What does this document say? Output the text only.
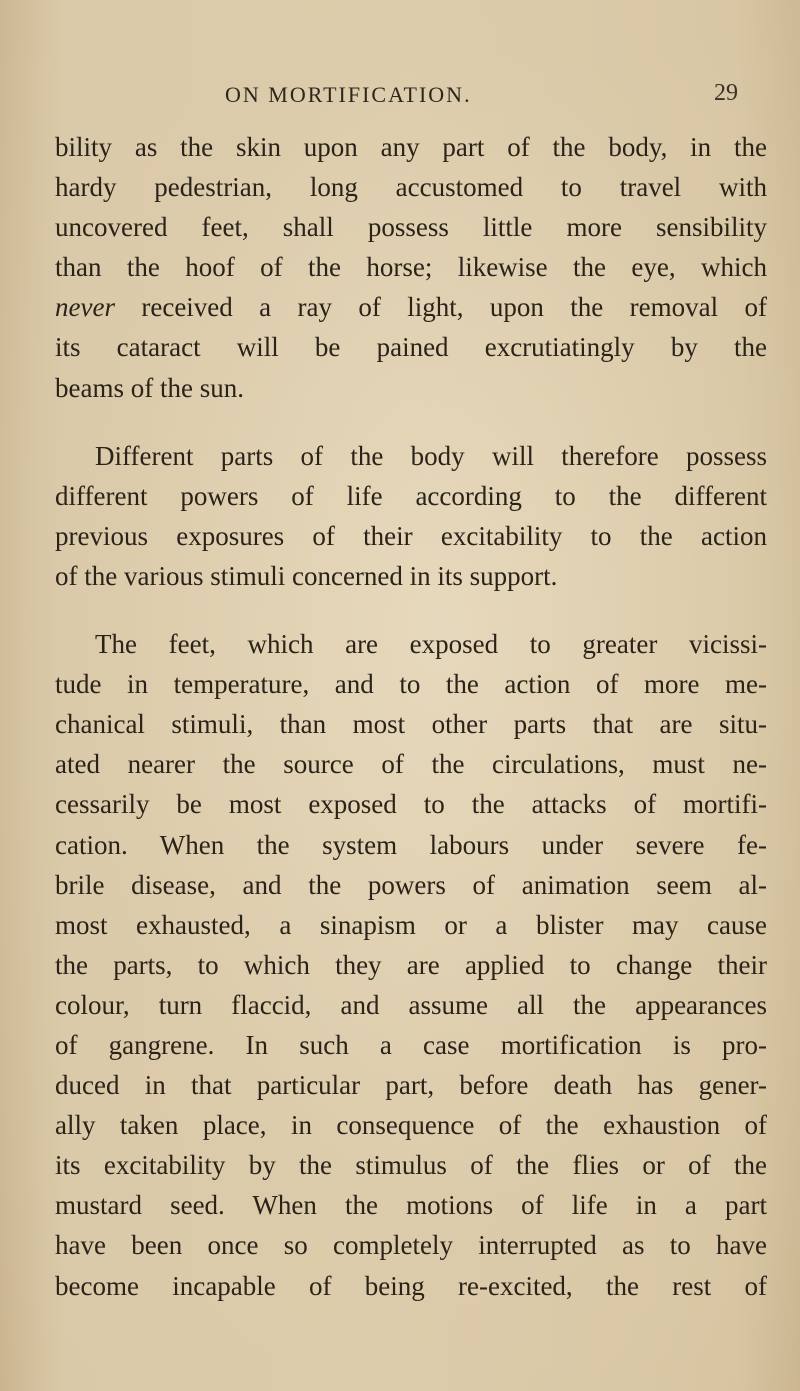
ON MORTIFICATION.	29
bility as the skin upon any part of the body, in the
hardy pedestrian, long accustomed to travel with
uncovered feet, shall possess little more sensibility
than the hoof of the horse; likewise the eye, which
never received a ray of light, upon the removal of
its cataract will be pained excrutiatingly by the
beams of the sun.
Different parts of the body will therefore possess
different powers of life according to the different
previous exposures of their excitability to the action
of the various stimuli concerned in its support.
The feet, which are exposed to greater vicissi-
tude in temperature, and to the action of more me-
chanical stimuli, than most other parts that are situ-
ated nearer the source of the circulations, must ne-
cessarily be most exposed to the attacks of mortifi-
cation. When the system labours under severe fe-
brile disease, and the powers of animation seem al-
most exhausted, a sinapism or a blister may cause
the parts, to which they are applied to change their
colour, turn flaccid, and assume all the appearances
of gangrene. In such a case mortification is pro-
duced in that particular part, before death has gener-
ally taken place, in consequence of the exhaustion of
its excitability by the stimulus of the flies or of the
mustard seed. When the motions of life in a part
have been once so completely interrupted as to have
become incapable of being re-excited, the rest of
